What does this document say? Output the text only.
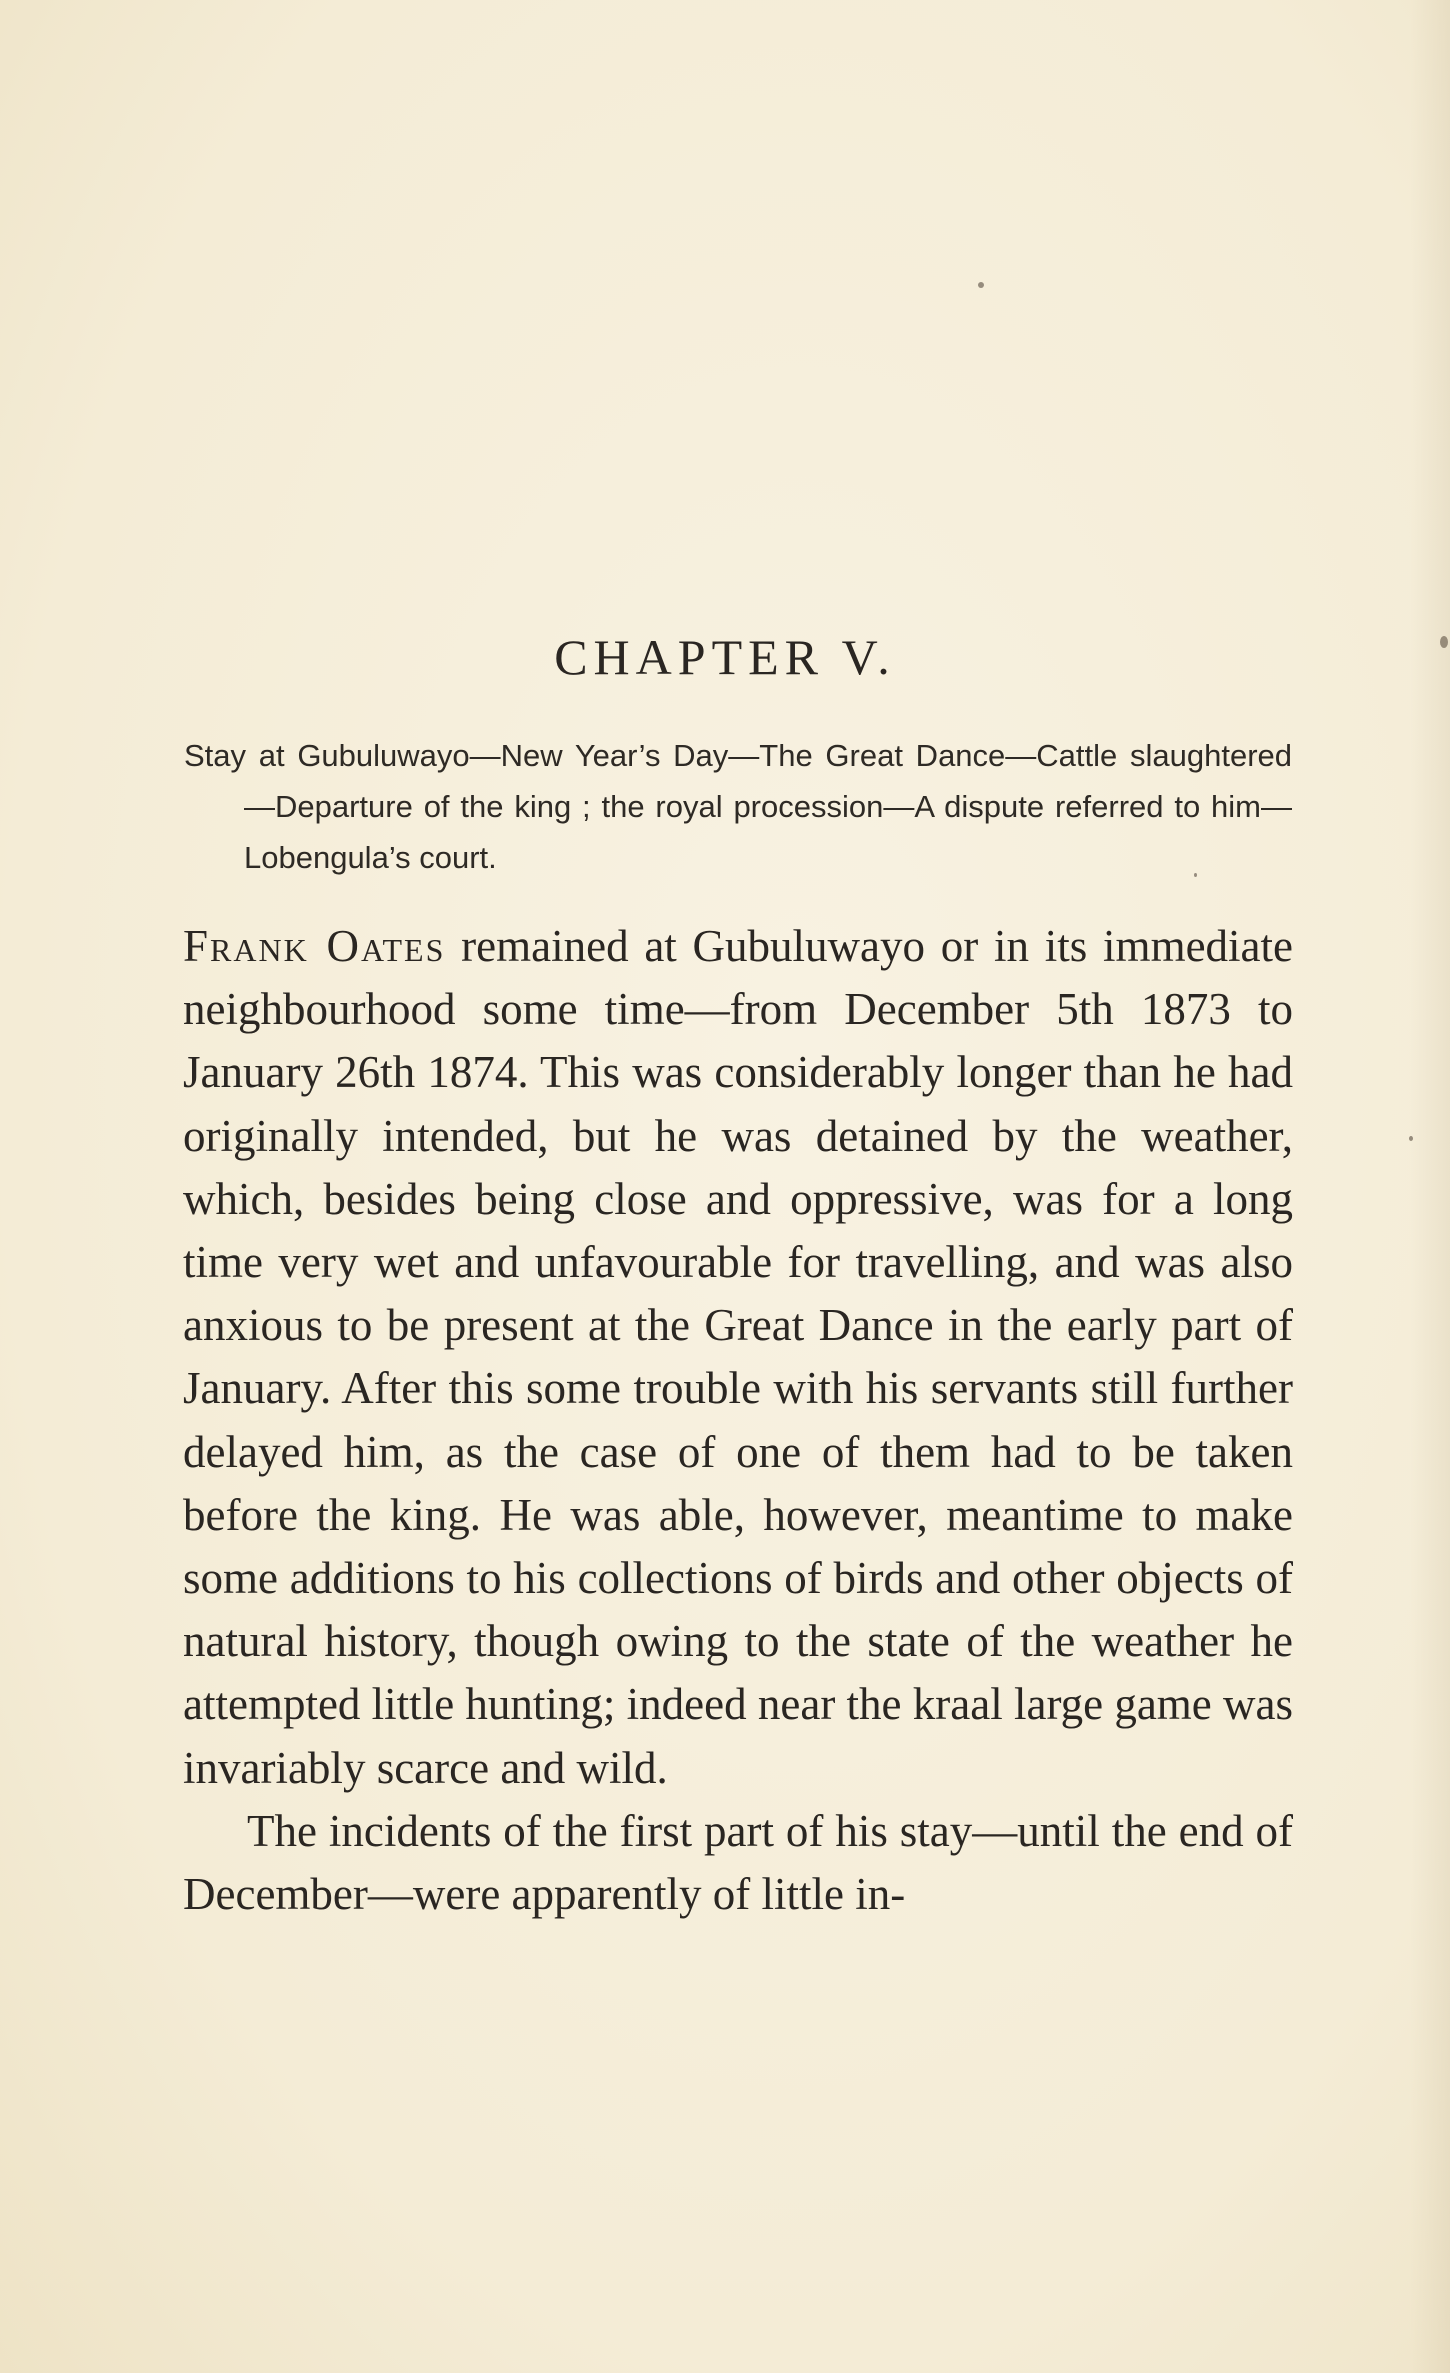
CHAPTER V.
Stay at Gubuluwayo—New Year’s Day—The Great Dance—Cattle slaughtered—Departure of the king ; the royal procession—A dispute referred to him—Lobengula’s court.

Frank Oates remained at Gubuluwayo or in its immediate neighbourhood some time—from December 5th 1873 to January 26th 1874. This was considerably longer than he had originally intended, but he was detained by the weather, which, besides being close and oppressive, was for a long time very wet and unfavourable for travelling, and was also anxious to be present at the Great Dance in the early part of January. After this some trouble with his servants still further delayed him, as the case of one of them had to be taken before the king. He was able, however, meantime to make some additions to his collections of birds and other objects of natural history, though owing to the state of the weather he attempted little hunting; indeed near the kraal large game was invariably scarce and wild.

The incidents of the first part of his stay—until the end of December—were apparently of little in-
